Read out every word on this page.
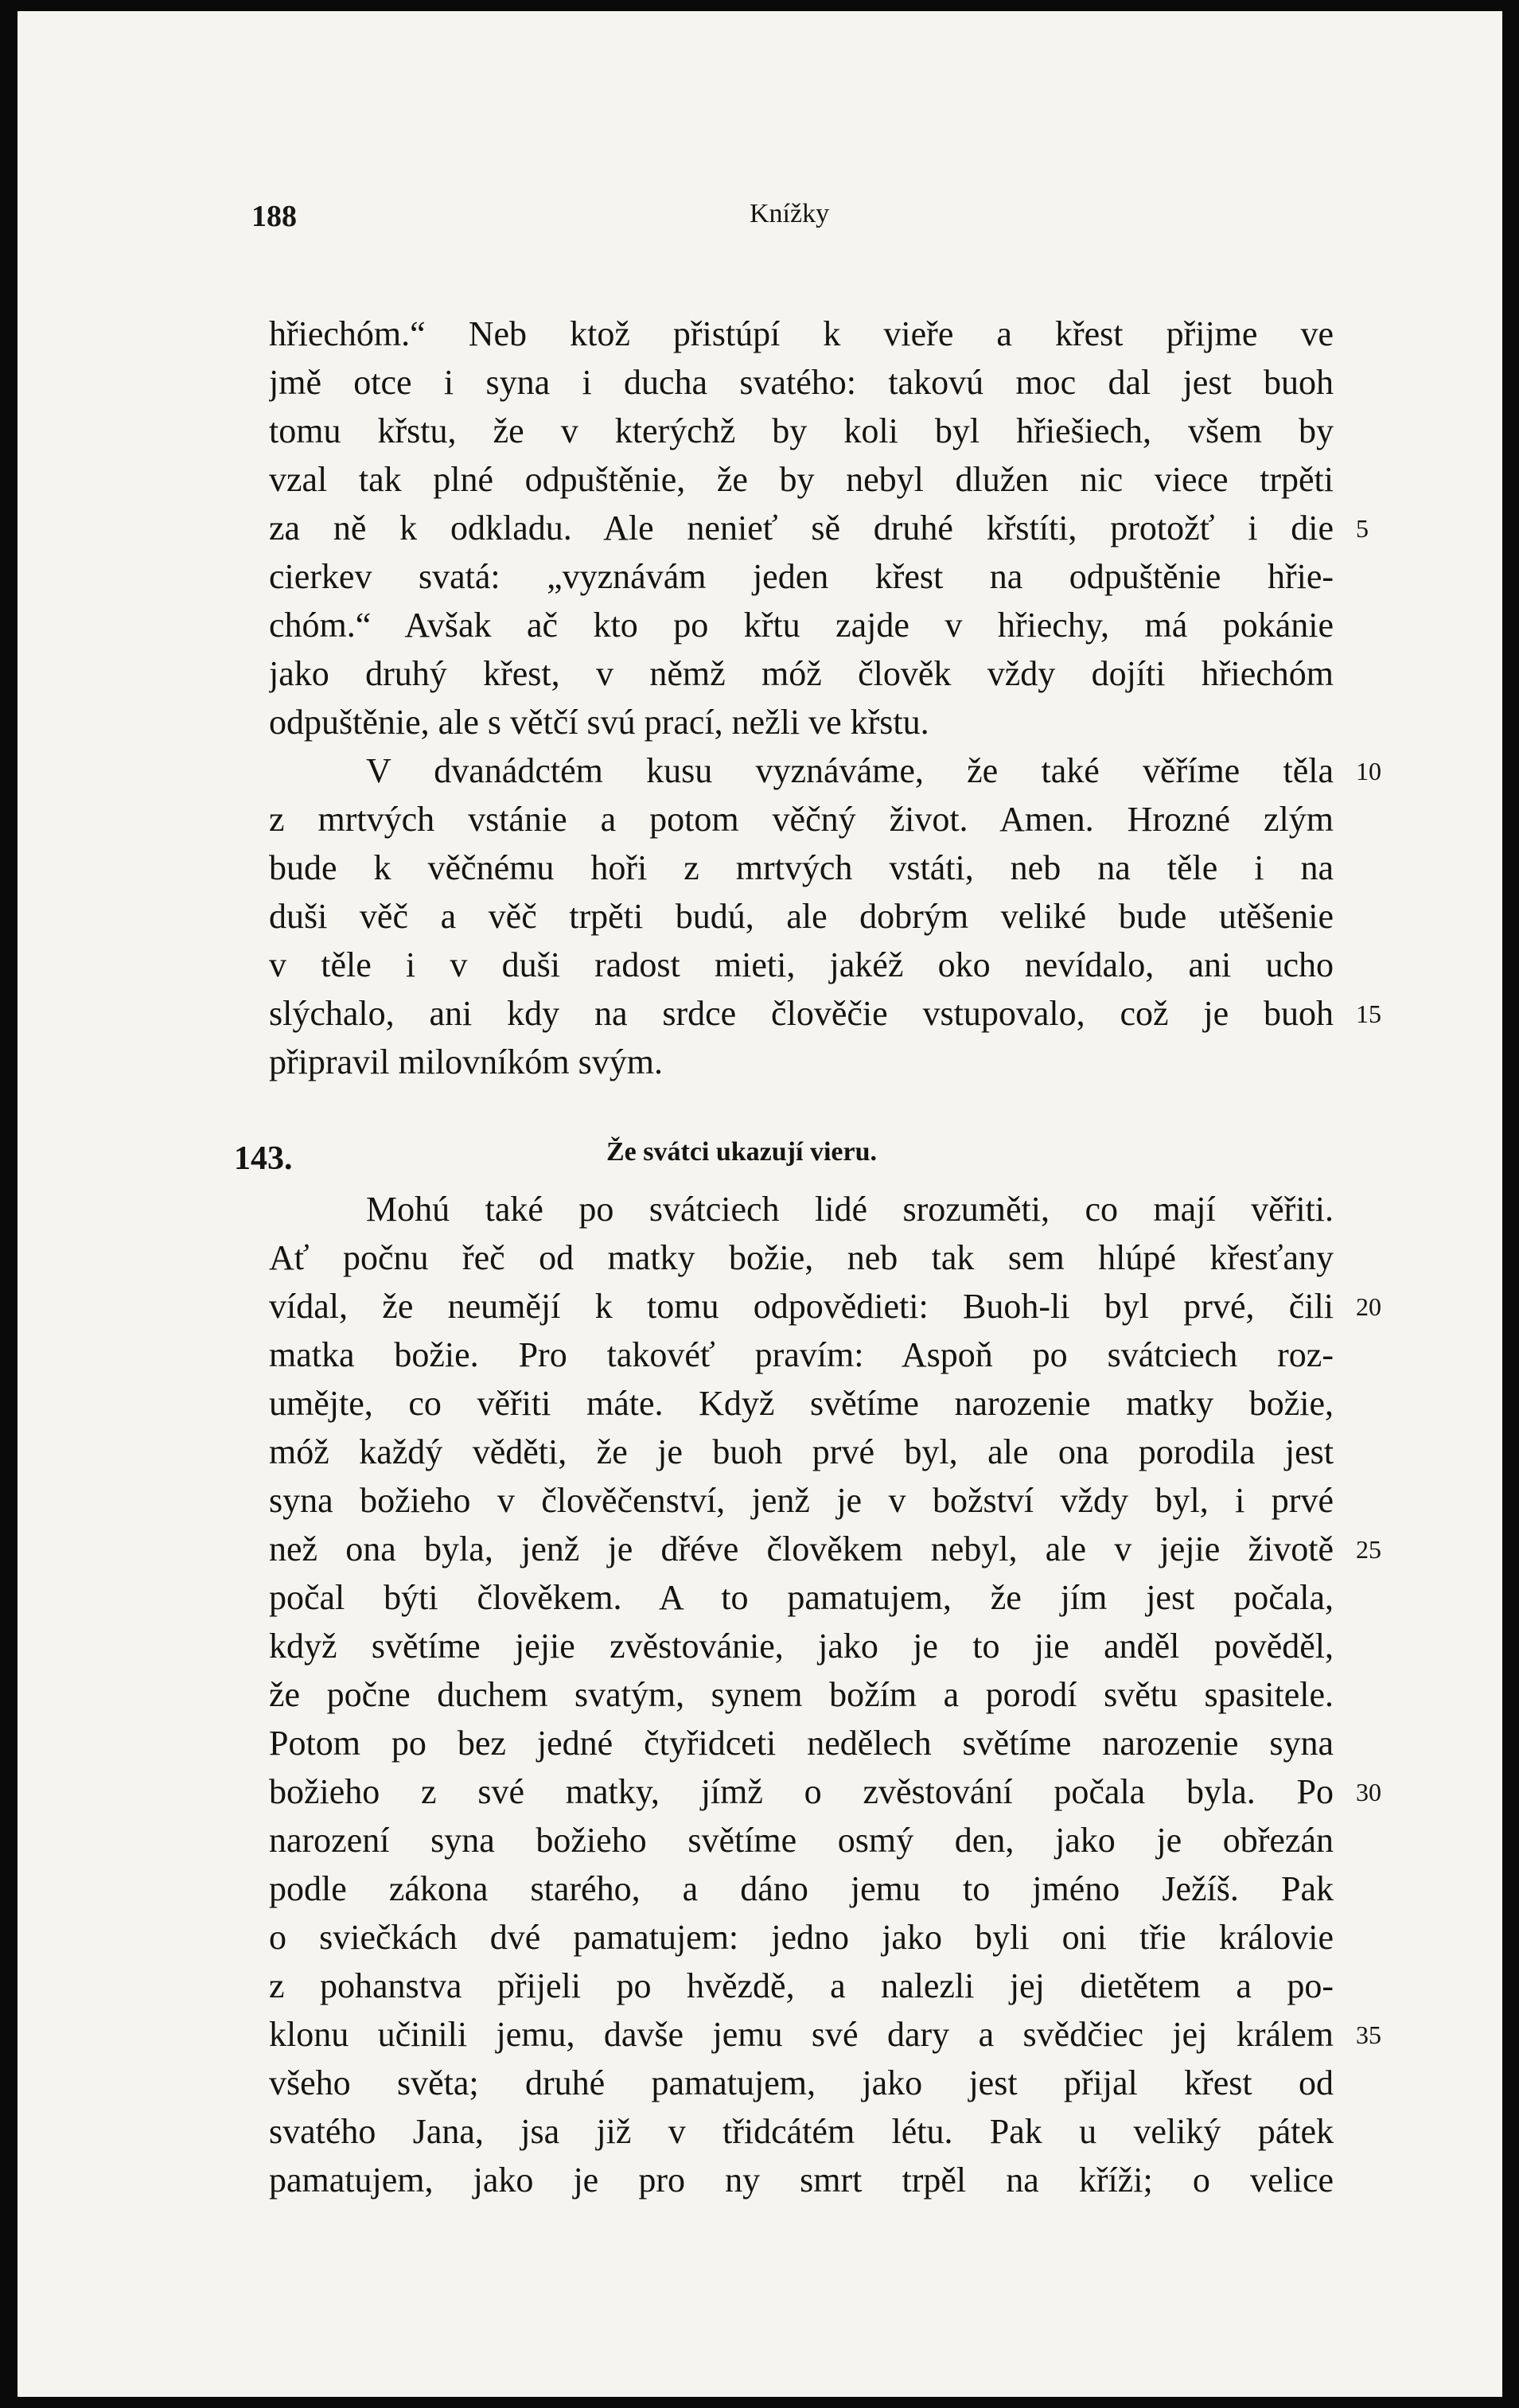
188	Knížky
hřiechóm.“ Neb ktož přistúpí k vieře a křest přijme ve
jmě otce i syna i ducha svatého: takovú moc dal jest buoh
tomu křstu, že v kterýchž by koli byl hřiešiech, všem by
vzal tak plné odpuštěnie, že by nebyl dlužen nic viece trpěti
za ně k odkladu. Ale nenieť sě druhé křstíti, protožť i die
cierkev svatá: „vyznávám jeden křest na odpuštěnie hřie-
chóm.“ Avšak ač kto po křtu zajde v hřiechy, má pokánie
jako druhý křest, v němž móž člověk vždy dojíti hřiechóm
odpuštěnie, ale s větčí svú prací, nežli ve křstu.
V dvanádctém kusu vyznáváme, že také věříme těla
z mrtvých vstánie a potom věčný život. Amen. Hrozné zlým
bude k věčnému hoři z mrtvých vstáti, neb na těle i na
duši věč a věč trpěti budú, ale dobrým veliké bude utěšenie
v těle i v duši radost mieti, jakéž oko nevídalo, ani ucho
slýchalo, ani kdy na srdce člověčie vstupovalo, což je buoh
připravil milovníkóm svým.
Že svátci ukazují vieru.
Mohú také po svátciech lidé srozuměti, co mají věřiti.
Ať počnu řeč od matky božie, neb tak sem hlúpé křesťany
vídal, že neumějí k tomu odpovědieti: Buoh-li byl prvé, čili
matka božie. Pro takovéť pravím: Aspoň po svátciech roz-
umějte, co věřiti máte. Když světíme narozenie matky božie,
móž každý věděti, že je buoh prvé byl, ale ona porodila jest
syna božieho v člověčenství, jenž je v božství vždy byl, i prvé
než ona byla, jenž je dřéve člověkem nebyl, ale v jejie životě
počal býti člověkem. A to pamatujem, že jím jest počala,
když světíme jejie zvěstovánie, jako je to jie anděl pověděl,
že počne duchem svatým, synem božím a porodí světu spasitele.
Potom po bez jedné čtyřidceti nedělech světíme narozenie syna
božieho z své matky, jímž o zvěstování počala byla. Po
narození syna božieho světíme osmý den, jako je obřezán
podle zákona starého, a dáno jemu to jméno Ježíš. Pak
o sviečkách dvé pamatujem: jedno jako byli oni třie královie
z pohanstva přijeli po hvězdě, a nalezli jej dietětem a po-
klonu učinili jemu, davše jemu své dary a svědčiec jej králem
všeho světa; druhé pamatujem, jako jest přijal křest od
svatého Jana, jsa již v třidcátém létu. Pak u veliký pátek
pamatujem, jako je pro ny smrt trpěl na kříži; o velice
143.
5
10
15
20
25
30
35
